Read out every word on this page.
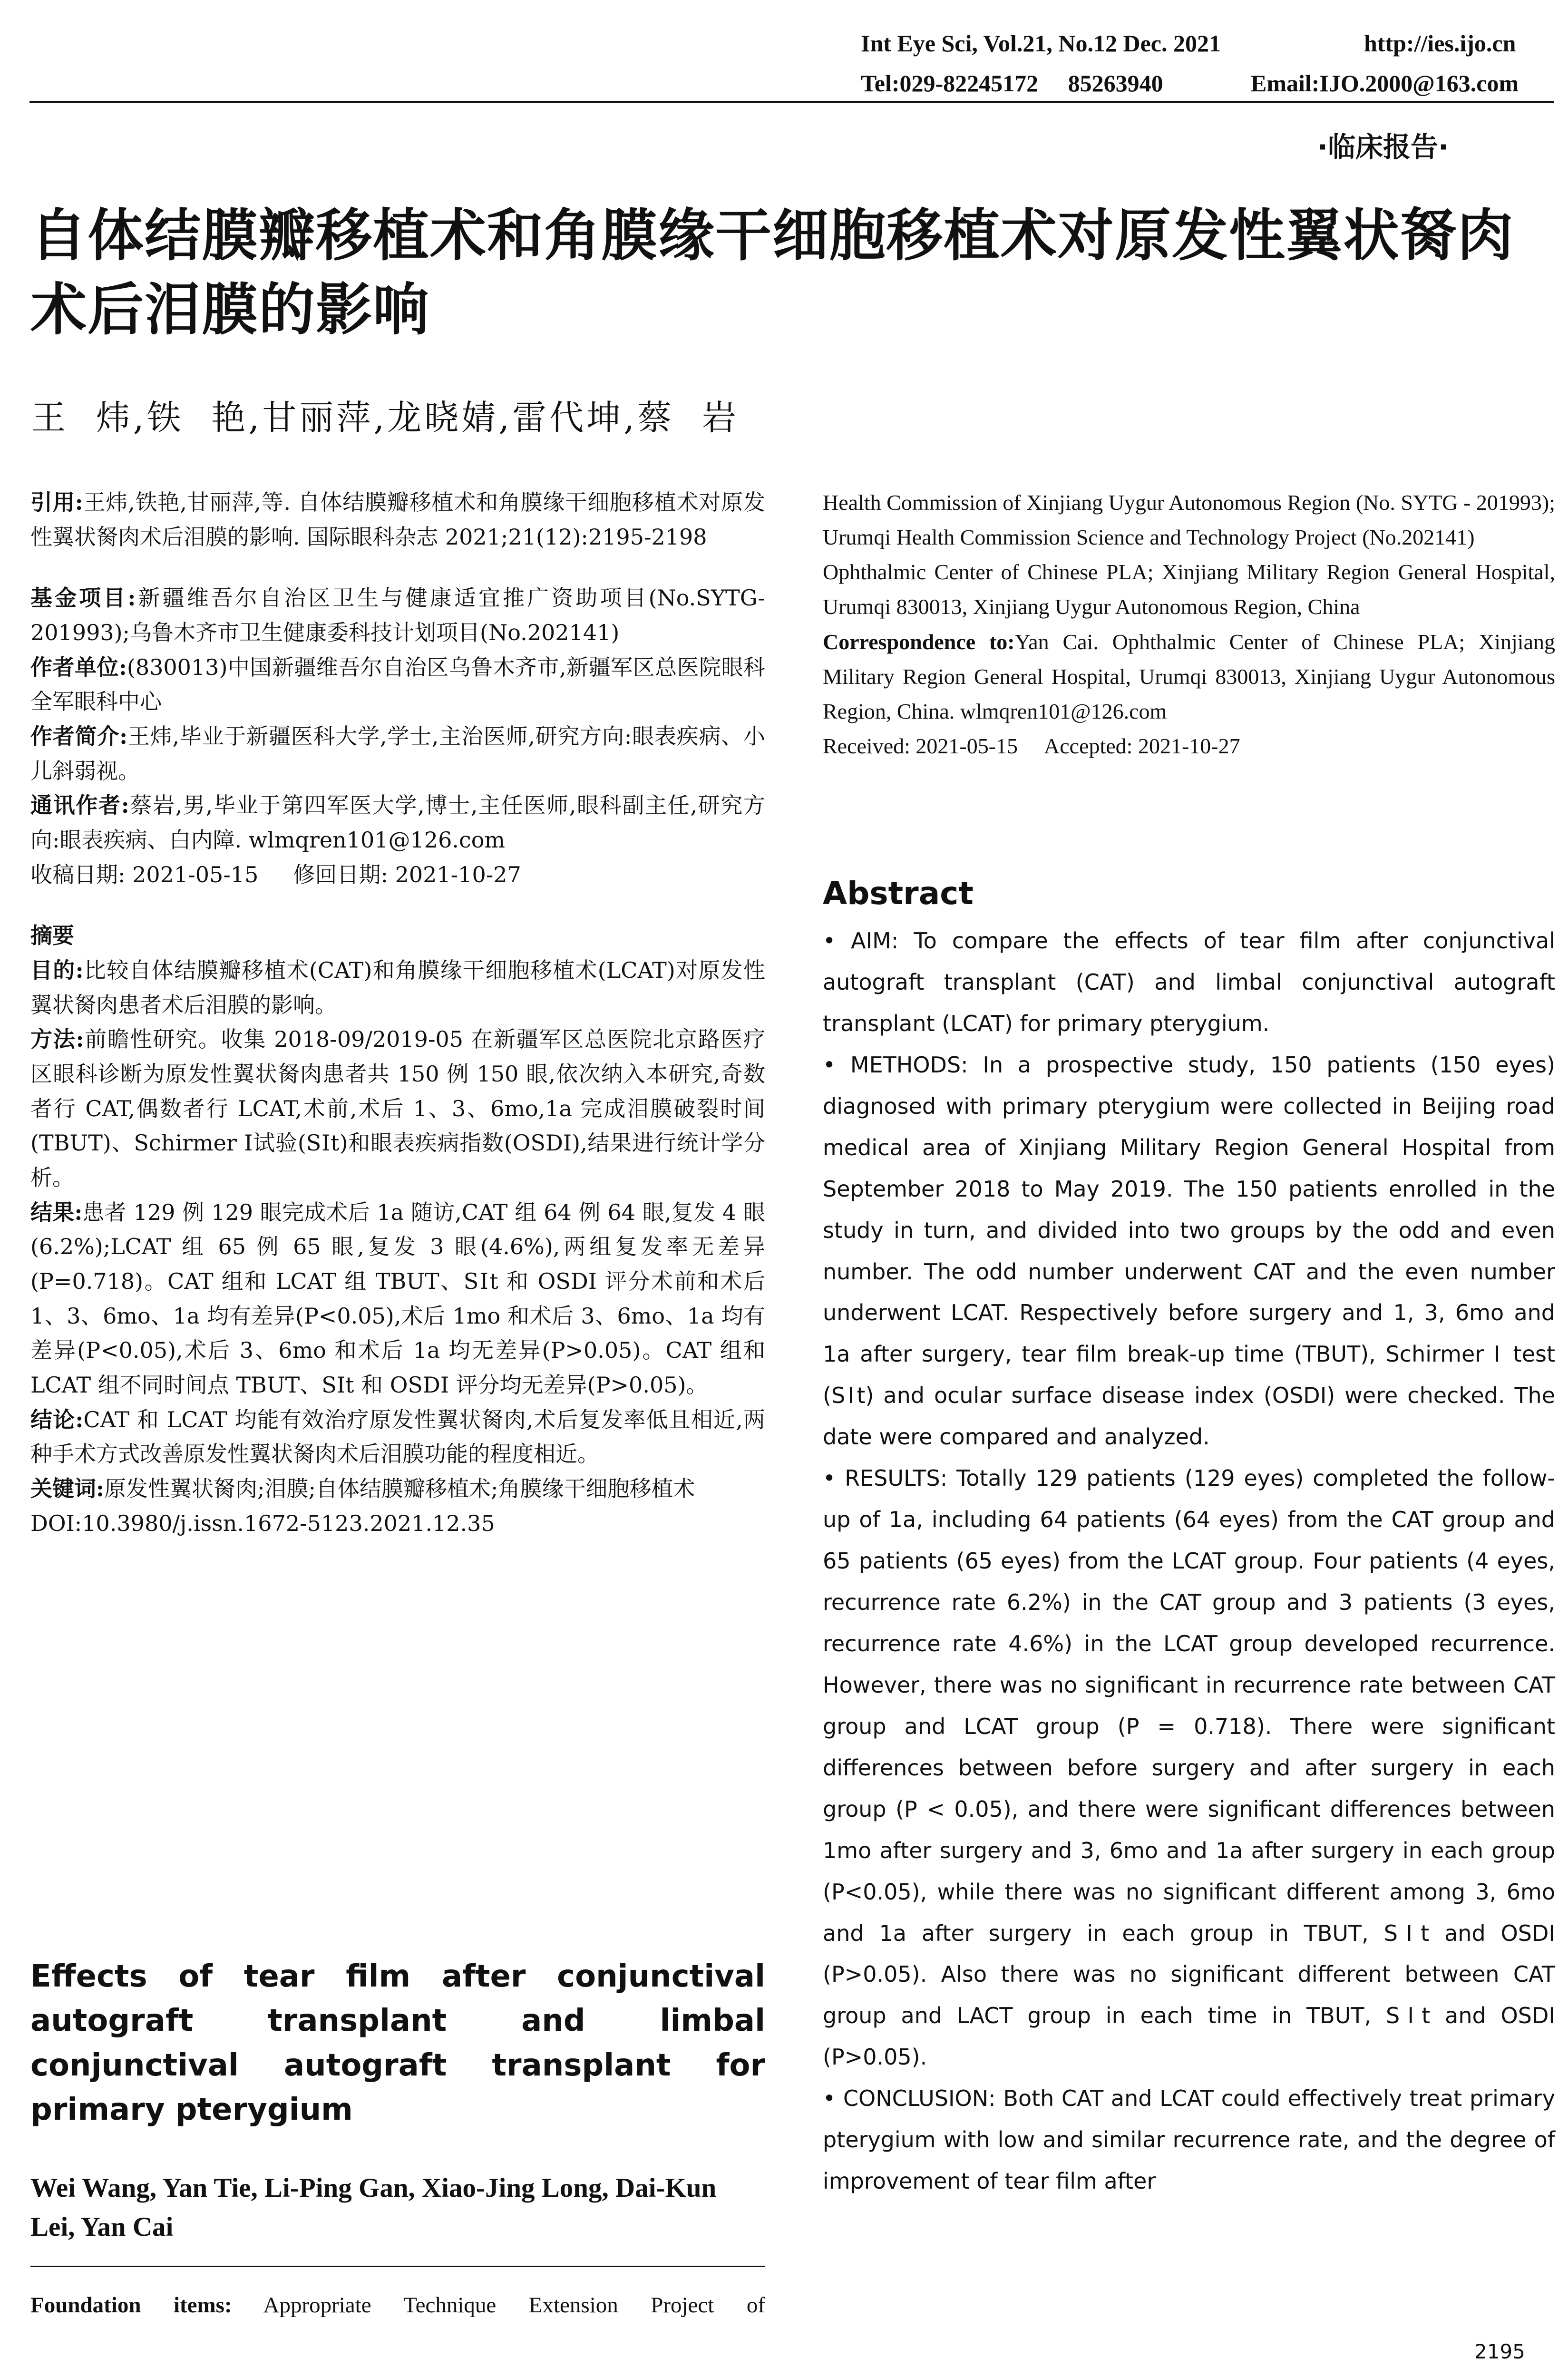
Int Eye Sci, Vol.21, No.12 Dec. 2021	http://ies.ijo.cn
Tel:029-82245172     85263940	Email:IJO.2000@163.com
·临床报告·
自体结膜瓣移植术和角膜缘干细胞移植术对原发性翼状胬肉术后泪膜的影响
王  炜,铁  艳,甘丽萍,龙晓婧,雷代坤,蔡  岩

引用:王炜,铁艳,甘丽萍,等. 自体结膜瓣移植术和角膜缘干细胞移植术对原发性翼状胬肉术后泪膜的影响. 国际眼科杂志 2021;21(12):2195-2198

基金项目:新疆维吾尔自治区卫生与健康适宜推广资助项目(No.SYTG-201993);乌鲁木齐市卫生健康委科技计划项目(No.202141)

作者单位:(830013)中国新疆维吾尔自治区乌鲁木齐市,新疆军区总医院眼科 全军眼科中心

作者简介:王炜,毕业于新疆医科大学,学士,主治医师,研究方向:眼表疾病、小儿斜弱视。

通讯作者:蔡岩,男,毕业于第四军医大学,博士,主任医师,眼科副主任,研究方向:眼表疾病、白内障. wlmqren101@126.com

收稿日期: 2021-05-15     修回日期: 2021-10-27

摘要

目的:比较自体结膜瓣移植术(CAT)和角膜缘干细胞移植术(LCAT)对原发性翼状胬肉患者术后泪膜的影响。

方法:前瞻性研究。收集 2018-09/2019-05 在新疆军区总医院北京路医疗区眼科诊断为原发性翼状胬肉患者共 150 例 150 眼,依次纳入本研究,奇数者行 CAT,偶数者行 LCAT,术前,术后 1、3、6mo,1a 完成泪膜破裂时间(TBUT)、Schirmer Ⅰ试验(SⅠt)和眼表疾病指数(OSDI),结果进行统计学分析。

结果:患者 129 例 129 眼完成术后 1a 随访,CAT 组 64 例 64 眼,复发 4 眼(6.2%);LCAT 组 65 例 65 眼,复发 3 眼(4.6%),两组复发率无差异(P=0.718)。CAT 组和 LCAT 组 TBUT、SⅠt 和 OSDI 评分术前和术后 1、3、6mo、1a 均有差异(P<0.05),术后 1mo 和术后 3、6mo、1a 均有差异(P<0.05),术后 3、6mo 和术后 1a 均无差异(P>0.05)。CAT 组和 LCAT 组不同时间点 TBUT、SⅠt 和 OSDI 评分均无差异(P>0.05)。

结论:CAT 和 LCAT 均能有效治疗原发性翼状胬肉,术后复发率低且相近,两种手术方式改善原发性翼状胬肉术后泪膜功能的程度相近。

关键词:原发性翼状胬肉;泪膜;自体结膜瓣移植术;角膜缘干细胞移植术

DOI:10.3980/j.issn.1672-5123.2021.12.35

Effects of tear film after conjunctival autograft transplant and limbal conjunctival autograft transplant for primary pterygium
Wei Wang, Yan Tie, Li-Ping Gan, Xiao-Jing Long, Dai-Kun Lei, Yan Cai
Foundation items: Appropriate Technique Extension Project of

Health Commission of Xinjiang Uygur Autonomous Region (No. SYTG - 201993); Urumqi Health Commission Science and Technology Project (No.202141)

Ophthalmic Center of Chinese PLA; Xinjiang Military Region General Hospital, Urumqi 830013, Xinjiang Uygur Autonomous Region, China

Correspondence to:Yan Cai. Ophthalmic Center of Chinese PLA; Xinjiang Military Region General Hospital, Urumqi 830013, Xinjiang Uygur Autonomous Region, China. wlmqren101@126.com

Received: 2021-05-15     Accepted: 2021-10-27

Abstract

• AIM: To compare the effects of tear film after conjunctival autograft transplant (CAT) and limbal conjunctival autograft transplant (LCAT) for primary pterygium.

• METHODS: In a prospective study, 150 patients (150 eyes) diagnosed with primary pterygium were collected in Beijing road medical area of Xinjiang Military Region General Hospital from September 2018 to May 2019. The 150 patients enrolled in the study in turn, and divided into two groups by the odd and even number. The odd number underwent CAT and the even number underwent LCAT. Respectively before surgery and 1, 3, 6mo and 1a after surgery, tear film break-up time (TBUT), Schirmer Ⅰ test (SⅠt) and ocular surface disease index (OSDI) were checked. The date were compared and analyzed.

• RESULTS: Totally 129 patients (129 eyes) completed the follow-up of 1a, including 64 patients (64 eyes) from the CAT group and 65 patients (65 eyes) from the LCAT group. Four patients (4 eyes, recurrence rate 6.2%) in the CAT group and 3 patients (3 eyes, recurrence rate 4.6%) in the LCAT group developed recurrence. However, there was no significant in recurrence rate between CAT group and LCAT group (P = 0.718). There were significant differences between before surgery and after surgery in each group (P < 0.05), and there were significant differences between 1mo after surgery and 3, 6mo and 1a after surgery in each group (P<0.05), while there was no significant different among 3, 6mo and 1a after surgery in each group in TBUT, SⅠt and OSDI (P>0.05). Also there was no significant different between CAT group and LACT group in each time in TBUT, SⅠt and OSDI (P>0.05).

• CONCLUSION: Both CAT and LCAT could effectively treat primary pterygium with low and similar recurrence rate, and the degree of improvement of tear film after

2195
